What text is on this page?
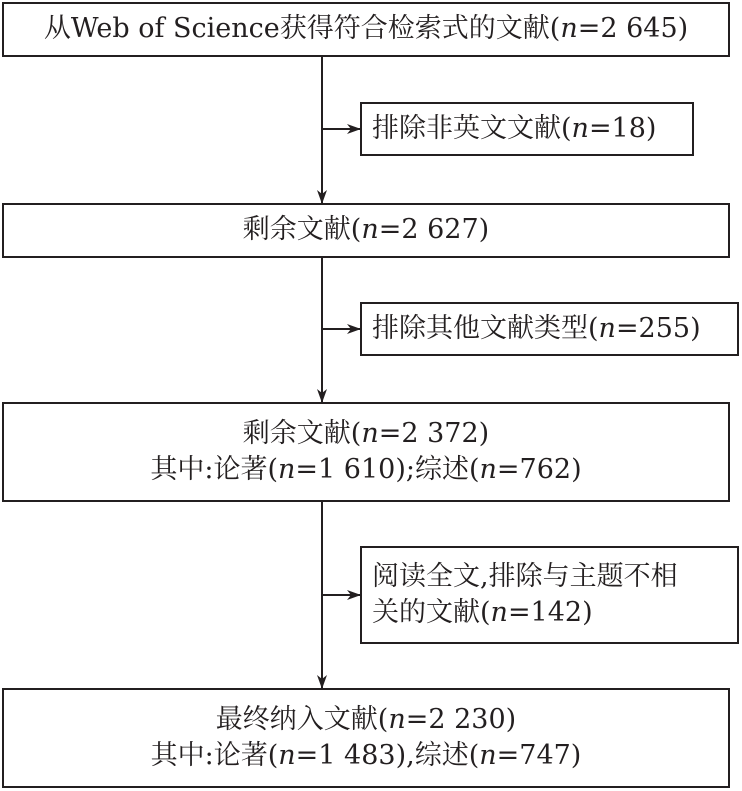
从Web of Science获得符合检索式的文献(n=2 645)
排除非英文文献(n=18)
剩余文献(n=2 627)
排除其他文献类型(n=255)
剩余文献(n=2 372)
其中:论著(n=1 610);综述(n=762)
阅读全文,排除与主题不相
关的文献(n=142)
最终纳入文献(n=2 230)
其中:论著(n=1 483),综述(n=747)
